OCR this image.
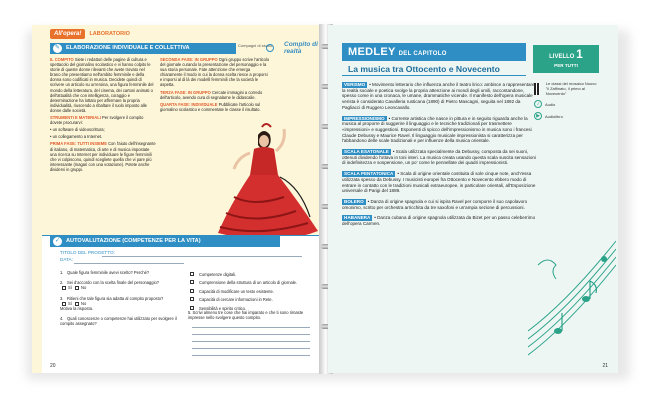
All'opera!	LABORATORIO
✎	ELABORAZIONE INDIVIDUALE E COLLETTIVA	Compagni di studio Compito di realtà

IL COMPITO Siete i redattori delle pagine di cultura e spettacolo del giornalino scolastico e vi hanno colpito le storie di queste donne rilevanti che avete trovato nel brano che presentiamo nell'ambito femminile e della donna sono codificati in musica. Decidete quindi di scrivere un articolo su un'eroina, una figura femminile del mondo della letteratura, del cinema, dei cartoni animati o dell'attualità che con intelligenza, coraggio e determinazione ha lottato per affermare la propria individualità, riuscendo a ribaltare il ruolo imposto alle donne dalle società.

STRUMENTI E MATERIALI Per svolgere il compito dovete procurarvi:

• un software di videoscrittura;

• un collegamento a Internet.

PRIMA FASE: TUTTI INSIEME Con l'aiuto dell'insegnante di italiano, di matematica, di arte e di musica impostate una ricerca su Internet per individuare le figure femminili che vi colpiscono, quindi scegliete quella che vi pare più interessante (magari con una votazione). Potete anche dividervi in gruppi.

SECONDA FASE: IN GRUPPO Ogni gruppo scrive l'articolo del giornale curando la presentazione del personaggio e la sua storia personale. Fate attenzione che emerga chiaramente il modo in cui la donna scelta riesce a proporsi e imporsi al di là dei modelli femminili che la società le aspetta.

TERZA FASE: IN GRUPPO Cercate immagini a corredo dell'articolo, avendo cura di segnalarne le didascalie.

QUARTA FASE: INDIVIDUALE Pubblicate l'articolo sul giornalino scolastico e commentate le classe il risultato.

✓	AUTOVALUTAZIONE (COMPETENZE PER LA VITA)
TITOLO DEL PROGETTO:
DATA:
1. Quale figura femminile avevi scelto? Perché?
2. Sei d'accordo con la scelta finale del personaggio?
Sì No
3. Ritieni che tale figura sia adatta al compito proposto?
Sì No
Motiva la risposta.
4. Quali conoscenze o competenze hai utilizzato per svolgere il compito assegnato?
Competenze digitali.
Comprensione della struttura di un articolo di giornale.
Capacità di modificare un testo esistente.
Capacità di cercare informazioni in Rete.
Sensibilità e spirito critico.
5. Scrivi almeno tre cose che hai imparato e che ti sono rimaste impresse nello svolgere questo compito.
20
MEDLEY DEL CAPITOLO
La musica tra Ottocento e Novecento
LIVELLO 1
PER TUTTI
Le classi del mosaico Nuovo "il Zaffinato, il primo al Novecento"
♪	Audio
▶	Audiolibro
VERISMO • Movimento letterario che influenza anche il teatro lirico: ambisce a rappresentare la realtà sociale e poetica svolge la propria attenzione ai mondi degli umili, raccontandone, spesso come in una cronaca, le umane, drammatiche vicende. Il manifesto dell'opera musicale verista è considerato Cavalleria rusticana (1890) di Pietro Mascagni, seguita nel 1892 da Pagliacci di Ruggero Leoncavallo.
IMPRESSIONISMO • Corrente artistica che nasce in pittura e in seguito riguarda anche la musica al proporre di suggerire il linguaggio e le tecniche tradizionali per trasmettere «impressioni» e suggestioni. Esponenti di spicco dell'impressionismo in musica sono i francesi Claude Debussy e Maurice Ravel. Il linguaggio musicale impressionista si caratterizza per l'abbandono delle scale tradizionali e per influenze della musica orientale.
SCALA ESATONALE • Scala utilizzata specialmente da Debussy, composta da sei suoni, ottenuti dividendo l'ottava in toni interi. La musica creata usando questa scala suscita sensazioni di indefinitezza e sospensione, un po' come le pennellate dei quadri impressionisti.
SCALA PENTATONICA • Scala di origine orientale costituita di sole cinque note, anch'essa utilizzata spesso da Debussy. I musicisti europei fra Ottocento e Novecento ebbero modo di entrare in contatto con le tradizioni musicali extraeuropee, in particolare orientali, all'Esposizione universale di Parigi del 1889.
BOLERO • Danza di origine spagnola e cui si ispira Ravel per comporre il suo capolavoro omonimo, scritto per orchestra arricchita da tre saxofoni e un'ampia sezione di percussioni.
HABANERA • Danza cubana di origine spagnola utilizzata da Bizet per un passo celeberrimo dell'opera Carmen.
21
